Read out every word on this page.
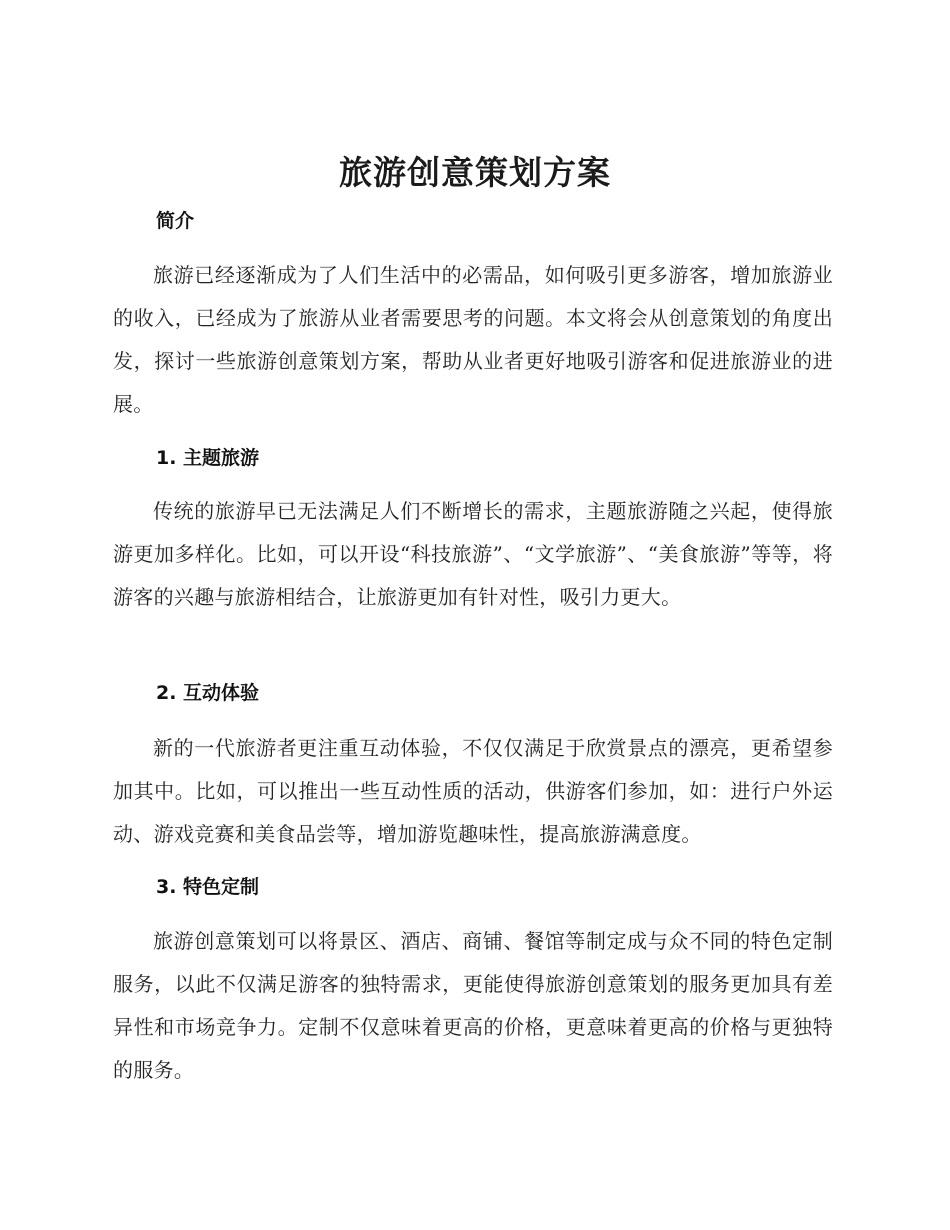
旅游创意策划方案
简介

旅游已经逐渐成为了人们生活中的必需品，如何吸引更多游客，增加旅游业的收入，已经成为了旅游从业者需要思考的问题。本文将会从创意策划的角度出发，探讨一些旅游创意策划方案，帮助从业者更好地吸引游客和促进旅游业的进展。

1. 主题旅游

传统的旅游早已无法满足人们不断增长的需求，主题旅游随之兴起，使得旅游更加多样化。比如，可以开设“科技旅游”、“文学旅游”、“美食旅游”等等，将游客的兴趣与旅游相结合，让旅游更加有针对性，吸引力更大。

2. 互动体验

新的一代旅游者更注重互动体验，不仅仅满足于欣赏景点的漂亮，更希望参加其中。比如，可以推出一些互动性质的活动，供游客们参加，如：进行户外运动、游戏竞赛和美食品尝等，增加游览趣味性，提高旅游满意度。

3. 特色定制

旅游创意策划可以将景区、酒店、商铺、餐馆等制定成与众不同的特色定制服务，以此不仅满足游客的独特需求，更能使得旅游创意策划的服务更加具有差异性和市场竞争力。定制不仅意味着更高的价格，更意味着更高的价格与更独特的服务。
